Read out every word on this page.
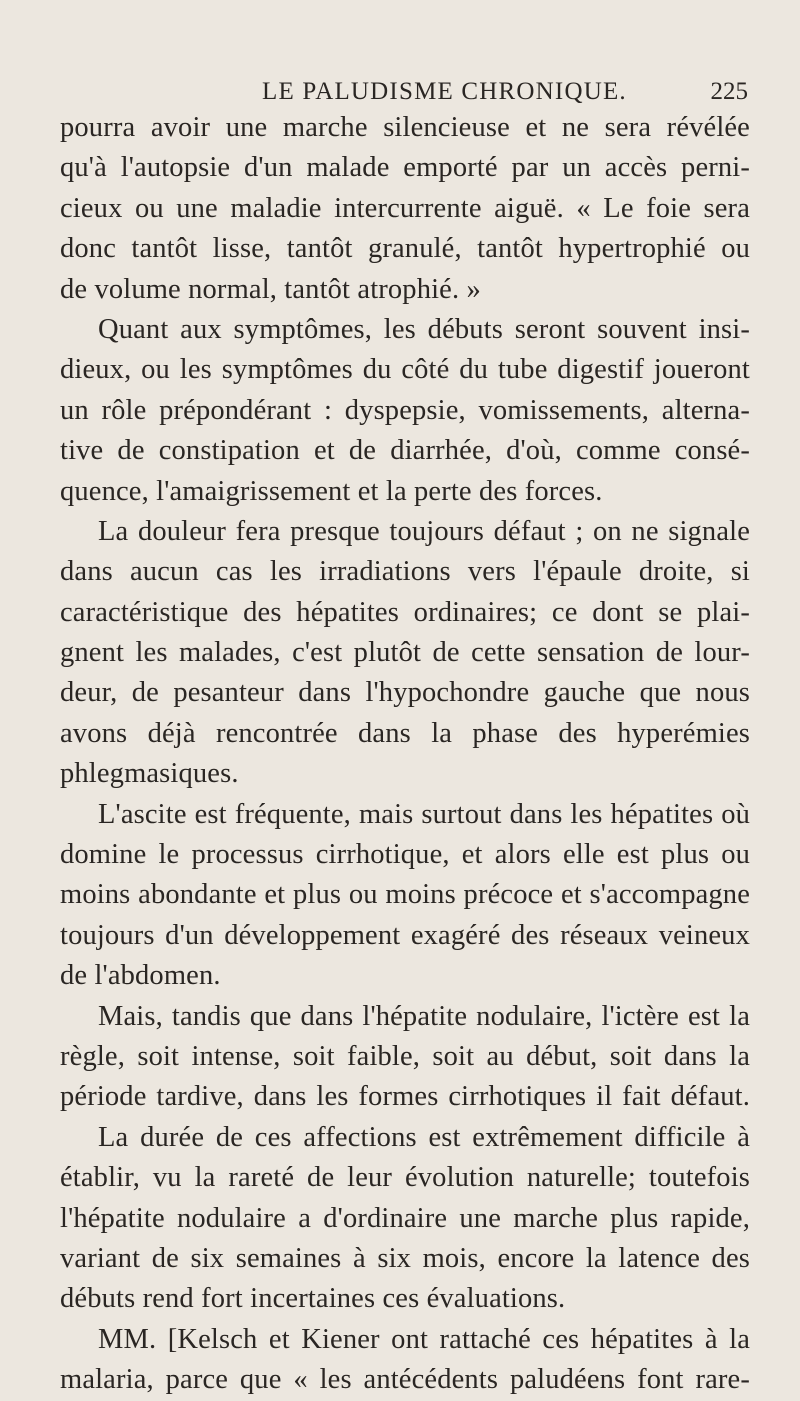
LE PALUDISME CHRONIQUE.	225
pourra avoir une marche silencieuse et ne sera révélée
qu'à l'autopsie d'un malade emporté par un accès perni-
cieux ou une maladie intercurrente aiguë. « Le foie sera
donc tantôt lisse, tantôt granulé, tantôt hypertrophié ou
de volume normal, tantôt atrophié. »
Quant aux symptômes, les débuts seront souvent insi-
dieux, ou les symptômes du côté du tube digestif joueront
un rôle prépondérant : dyspepsie, vomissements, alterna-
tive de constipation et de diarrhée, d'où, comme consé-
quence, l'amaigrissement et la perte des forces.
La douleur fera presque toujours défaut ; on ne signale
dans aucun cas les irradiations vers l'épaule droite, si
caractéristique des hépatites ordinaires; ce dont se plai-
gnent les malades, c'est plutôt de cette sensation de lour-
deur, de pesanteur dans l'hypochondre gauche que nous
avons déjà rencontrée dans la phase des hyperémies
phlegmasiques.
L'ascite est fréquente, mais surtout dans les hépatites où
domine le processus cirrhotique, et alors elle est plus ou
moins abondante et plus ou moins précoce et s'accompagne
toujours d'un développement exagéré des réseaux veineux
de l'abdomen.
Mais, tandis que dans l'hépatite nodulaire, l'ictère est la
règle, soit intense, soit faible, soit au début, soit dans la
période tardive, dans les formes cirrhotiques il fait défaut.
La durée de ces affections est extrêmement difficile à
établir, vu la rareté de leur évolution naturelle; toutefois
l'hépatite nodulaire a d'ordinaire une marche plus rapide,
variant de six semaines à six mois, encore la latence des
débuts rend fort incertaines ces évaluations.
MM. [Kelsch et Kiener ont rattaché ces hépatites à la
malaria, parce que « les antécédents paludéens font rare-
